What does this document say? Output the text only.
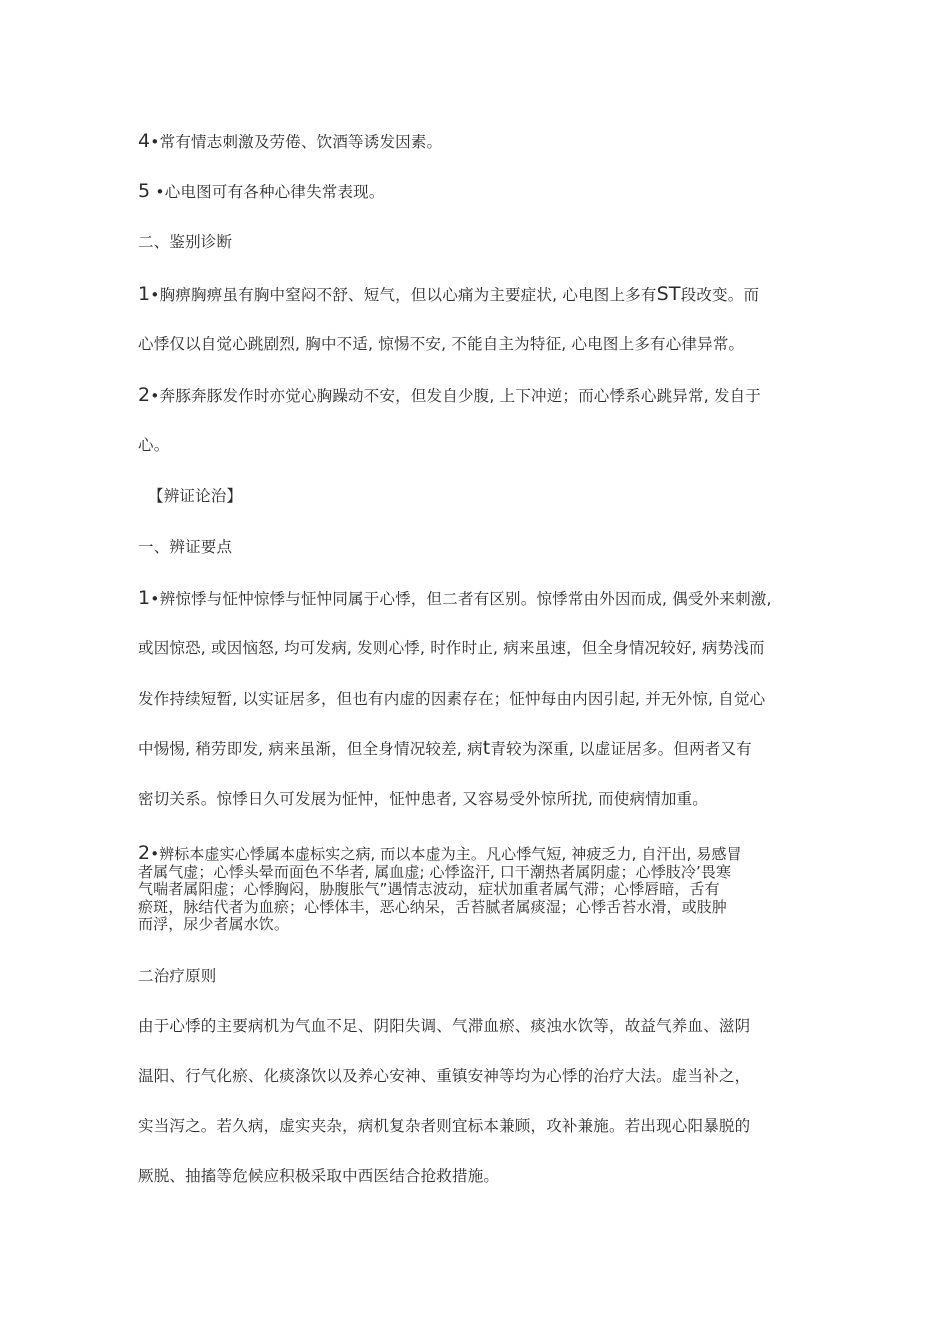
4•常有情志刺激及劳倦、饮酒等诱发因素。
5 •心电图可有各种心律失常表现。
二、鉴别诊断
1•胸痹胸痹虽有胸中窒闷不舒、短气，但以心痛为主要症状, 心电图上多有ST段改变。而
心悸仅以自觉心跳剧烈, 胸中不适, 惊惕不安, 不能自主为特征, 心电图上多有心律异常。
2•奔豚奔豚发作时亦觉心胸躁动不安，但发自少腹, 上下冲逆；而心悸系心跳异常, 发自于
心。
【辨证论治】
一、辨证要点
1•辨惊悸与怔忡惊悸与怔忡同属于心悸，但二者有区别。惊悸常由外因而成, 偶受外来刺激,
或因惊恐, 或因恼怒, 均可发病, 发则心悸, 时作时止, 病来虽速，但全身情况较好, 病势浅而
发作持续短暂, 以实证居多，但也有内虚的因素存在；怔忡每由内因引起, 并无外惊, 自觉心
中惕惕, 稍劳即发, 病来虽渐，但全身情况较差, 病t青较为深重, 以虚证居多。但两者又有
密切关系。惊悸日久可发展为怔忡，怔忡患者, 又容易受外惊所扰, 而使病情加重。
2•辨标本虚实心悸属本虚标实之病, 而以本虚为主。凡心悸气短, 神疲乏力, 自汗出, 易感冒
者属气虚；心悸头晕而面色不华者, 属血虚; 心悸盗汗, 口干潮热者属阴虚；心悸肢冷’畏寒
气喘者属阳虚；心悸胸闷，胁腹胀气”遇情志波动，症状加重者属气滞；心悸唇暗，舌有
瘀斑，脉结代者为血瘀；心悸体丰，恶心纳呆，舌苔腻者属痰湿；心悸舌苔水滑，或肢肿
而浮，尿少者属水饮。
二治疗原则
由于心悸的主要病机为气血不足、阴阳失调、气滞血瘀、痰浊水饮等，故益气养血、滋阴
温阳、行气化瘀、化痰涤饮以及养心安神、重镇安神等均为心悸的治疗大法。虚当补之，
实当泻之。若久病，虚实夹杂，病机复杂者则宜标本兼顾，攻补兼施。若出现心阳暴脱的
厥脱、抽搐等危候应积极采取中西医结合抢救措施。
